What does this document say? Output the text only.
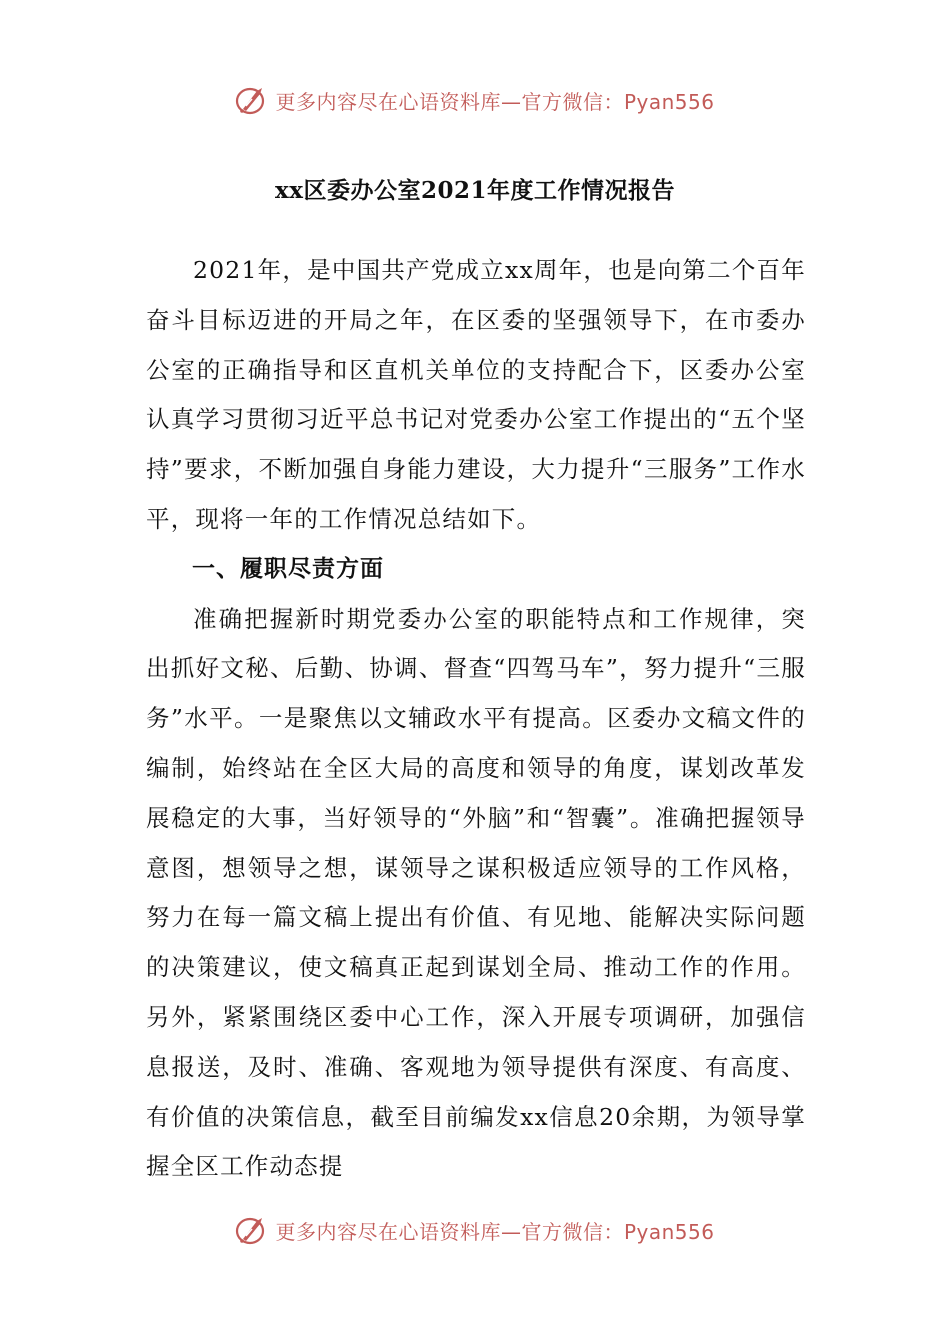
更多内容尽在心语资料库—官方微信：Pyan556
xx区委办公室2021年度工作情况报告

2021年，是中国共产党成立xx周年，也是向第二个百年奋斗目标迈进的开局之年，在区委的坚强领导下，在市委办公室的正确指导和区直机关单位的支持配合下，区委办公室认真学习贯彻习近平总书记对党委办公室工作提出的“五个坚持”要求，不断加强自身能力建设，大力提升“三服务”工作水平，现将一年的工作情况总结如下。

一、履职尽责方面

准确把握新时期党委办公室的职能特点和工作规律，突出抓好文秘、后勤、协调、督查“四驾马车”，努力提升“三服务”水平。一是聚焦以文辅政水平有提高。区委办文稿文件的编制，始终站在全区大局的高度和领导的角度，谋划改革发展稳定的大事，当好领导的“外脑”和“智囊”。准确把握领导意图，想领导之想，谋领导之谋积极适应领导的工作风格，努力在每一篇文稿上提出有价值、有见地、能解决实际问题的决策建议，使文稿真正起到谋划全局、推动工作的作用。另外，紧紧围绕区委中心工作，深入开展专项调研，加强信息报送，及时、准确、客观地为领导提供有深度、有高度、有价值的决策信息，截至目前编发xx信息20余期，为领导掌握全区工作动态提

更多内容尽在心语资料库—官方微信：Pyan556
